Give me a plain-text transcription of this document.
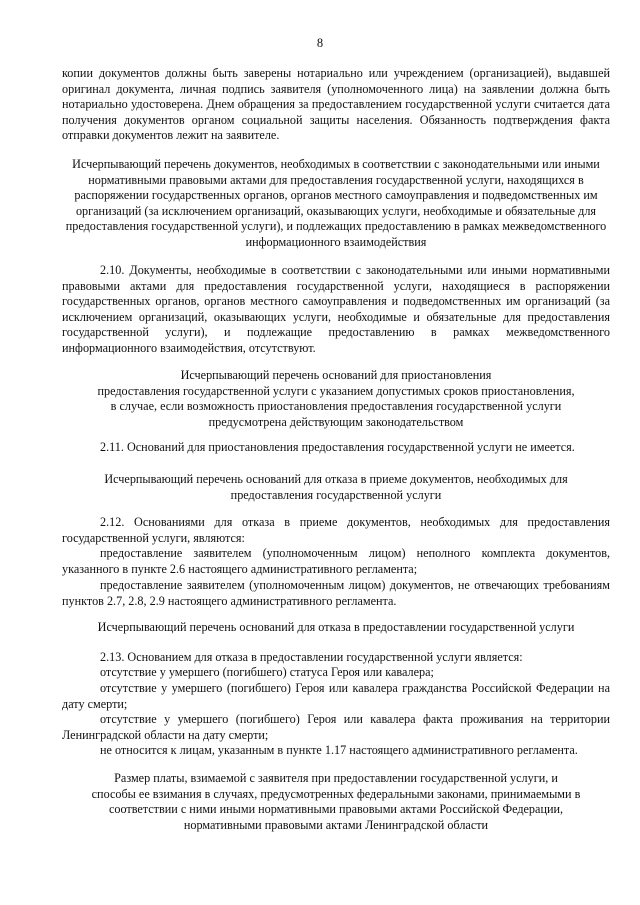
8

копии документов должны быть заверены нотариально или учреждением (организацией), выдавшей оригинал документа, личная подпись заявителя (уполномоченного лица) на заявлении должна быть нотариально удостоверена. Днем обращения за предоставлением государственной услуги считается дата получения документов органом социальной защиты населения. Обязанность подтверждения факта отправки документов лежит на заявителе.

Исчерпывающий перечень документов, необходимых в соответствии с законодательными или иными нормативными правовыми актами для предоставления государственной услуги, находящихся в распоряжении государственных органов, органов местного самоуправления и подведомственных им организаций (за исключением организаций, оказывающих услуги, необходимые и обязательные для предоставления государственной услуги), и подлежащих предоставлению в рамках межведомственного информационного взаимодействия

2.10. Документы, необходимые в соответствии с законодательными или иными нормативными правовыми актами для предоставления государственной услуги, находящиеся в распоряжении государственных органов, органов местного самоуправления и подведомственных им организаций (за исключением организаций, оказывающих услуги, необходимые и обязательные для предоставления государственной услуги), и подлежащие предоставлению в рамках межведомственного информационного взаимодействия, отсутствуют.

Исчерпывающий перечень оснований для приостановления
предоставления государственной услуги с указанием допустимых сроков приостановления,
в случае, если возможность приостановления предоставления государственной услуги
предусмотрена действующим законодательством

2.11. Оснований для приостановления предоставления государственной услуги не имеется.

Исчерпывающий перечень оснований для отказа в приеме документов, необходимых для предоставления государственной услуги

2.12. Основаниями для отказа в приеме документов, необходимых для предоставления государственной услуги, являются:

предоставление заявителем (уполномоченным лицом) неполного комплекта документов, указанного в пункте 2.6 настоящего административного регламента;

предоставление заявителем (уполномоченным лицом) документов, не отвечающих требованиям пунктов 2.7, 2.8, 2.9 настоящего административного регламента.

Исчерпывающий перечень оснований для отказа в предоставлении государственной услуги

2.13. Основанием для отказа в предоставлении государственной услуги является:

отсутствие у умершего (погибшего) статуса Героя или кавалера;

отсутствие у умершего (погибшего) Героя или кавалера гражданства Российской Федерации на дату смерти;

отсутствие у умершего (погибшего) Героя или кавалера факта проживания на территории Ленинградской области на дату смерти;

не относится к лицам, указанным в пункте 1.17 настоящего административного регламента.

Размер платы, взимаемой с заявителя при предоставлении государственной услуги, и
способы ее взимания в случаях, предусмотренных федеральными законами, принимаемыми в
соответствии с ними иными нормативными правовыми актами Российской Федерации,
нормативными правовыми актами Ленинградской области
